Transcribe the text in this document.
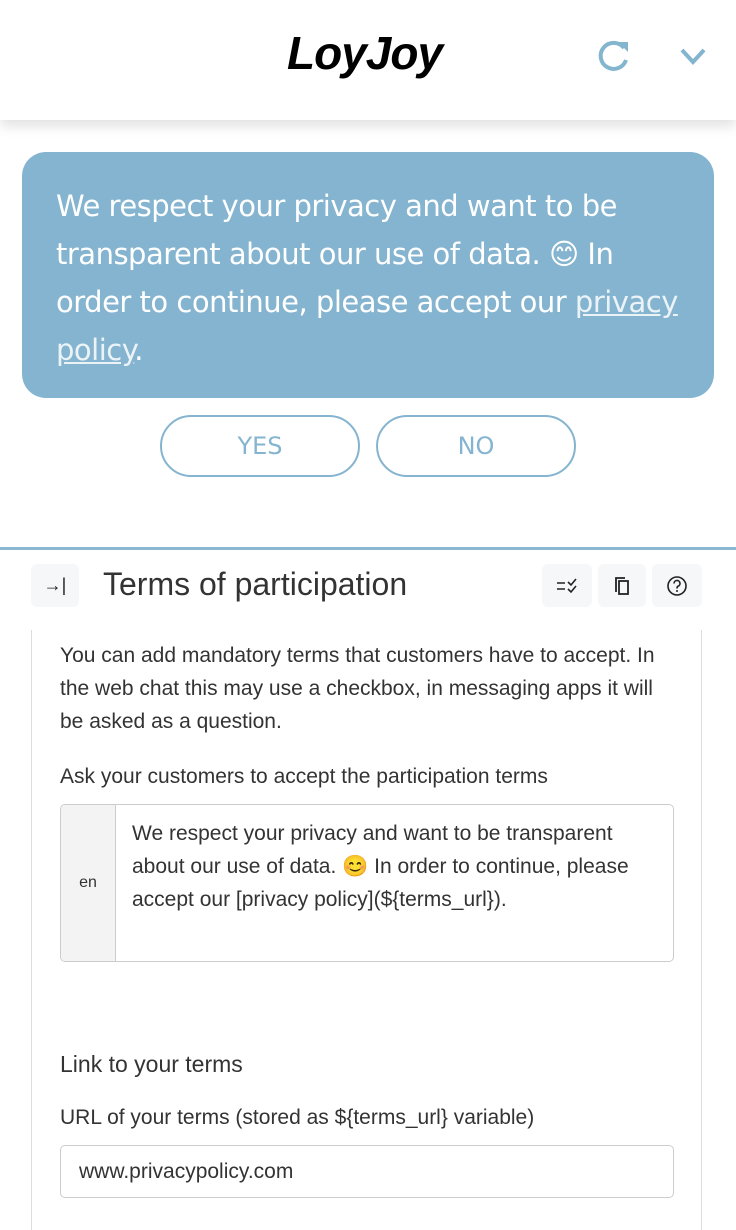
LoyJoy
We respect your privacy and want to be transparent about our use of data. 😊 In order to continue, please accept our privacy policy.
YES	NO
→| Terms of participation
You can add mandatory terms that customers have to accept. In the web chat this may use a checkbox, in messaging apps it will be asked as a question.
Ask your customers to accept the participation terms
en
We respect your privacy and want to be transparent about our use of data. 😊 In order to continue, please accept our [privacy policy](${terms_url}).
Link to your terms
URL of your terms (stored as ${terms_url} variable)
www.privacypolicy.com
